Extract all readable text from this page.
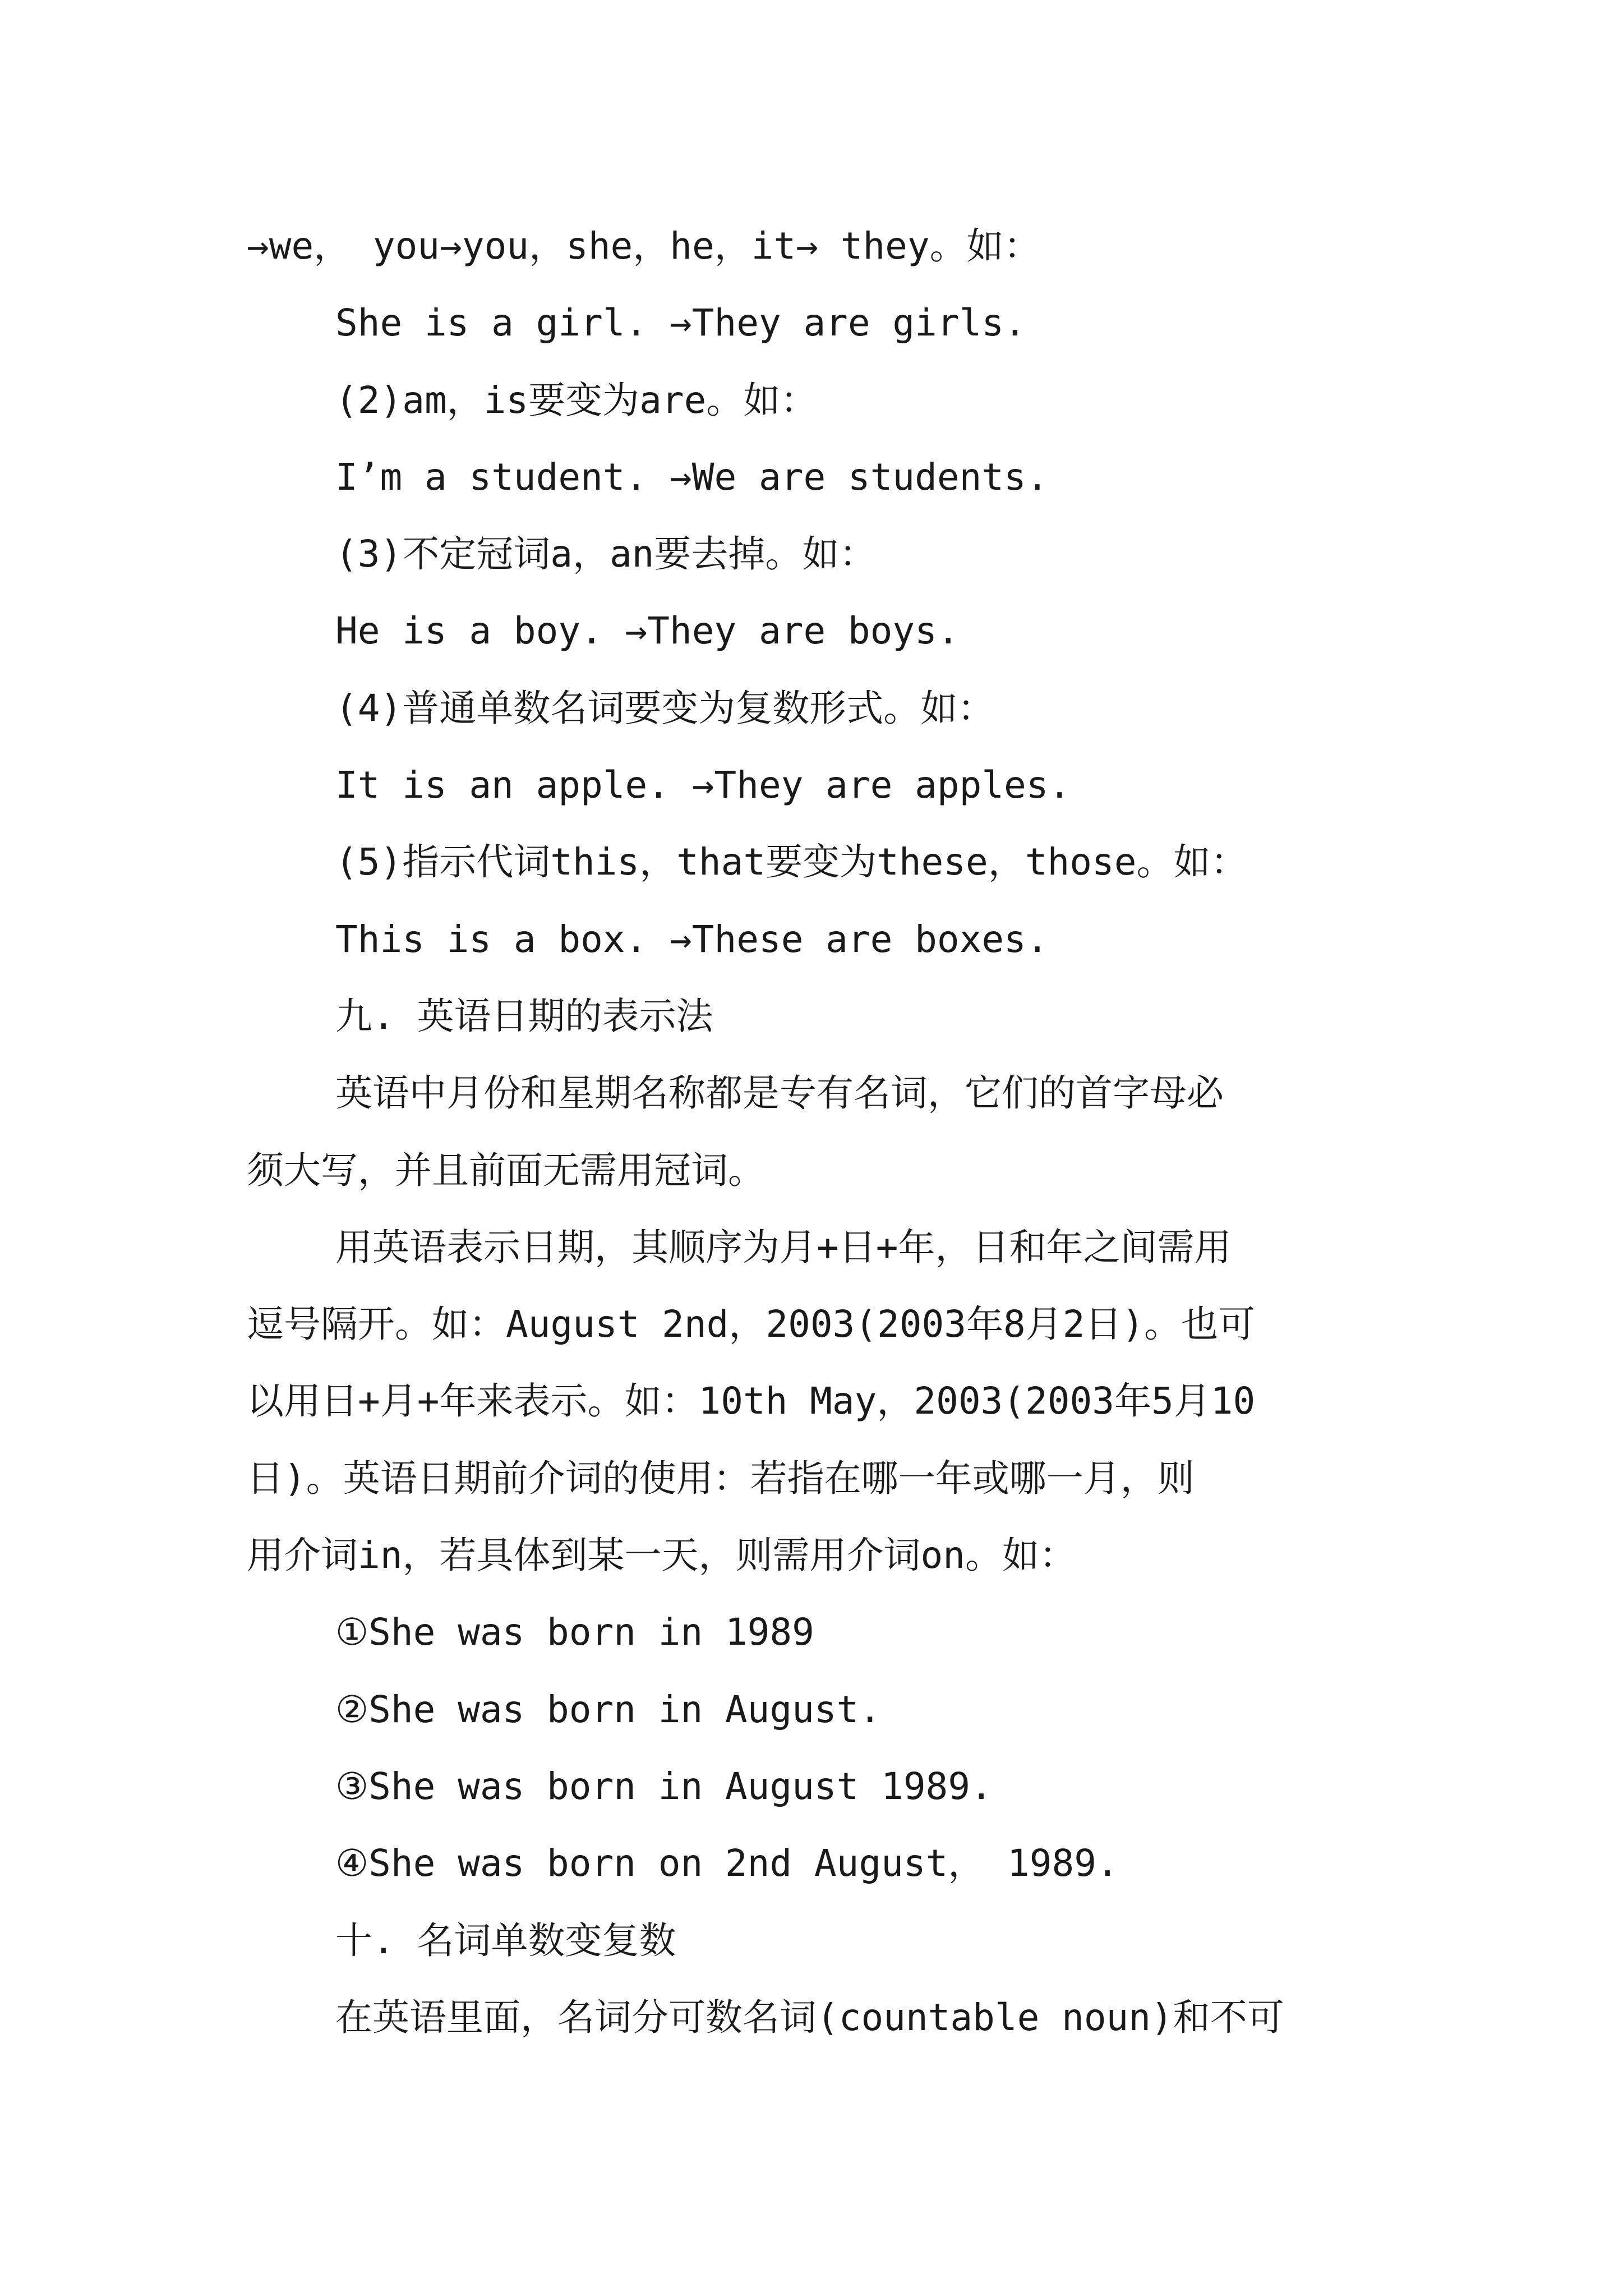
→we， you→you，she，he，it→ they。如：
She is a girl. →They are girls.
(2)am，is要变为are。如：
I’m a student. →We are students.
(3)不定冠词a，an要去掉。如：
He is a boy. →They are boys.
(4)普通单数名词要变为复数形式。如：
It is an apple. →They are apples.
(5)指示代词this，that要变为these，those。如：
This is a box. →These are boxes.
九. 英语日期的表示法
英语中月份和星期名称都是专有名词，它们的首字母必
须大写，并且前面无需用冠词。
用英语表示日期，其顺序为月+日+年，日和年之间需用
逗号隔开。如：August 2nd，2003(2003年8月2日)。也可
以用日+月+年来表示。如：10th May，2003(2003年5月10
日)。英语日期前介词的使用：若指在哪一年或哪一月，则
用介词in，若具体到某一天，则需用介词on。如：
①She was born in 1989
②She was born in August.
③She was born in August 1989.
④She was born on 2nd August， 1989.
十. 名词单数变复数
在英语里面，名词分可数名词(countable noun)和不可
